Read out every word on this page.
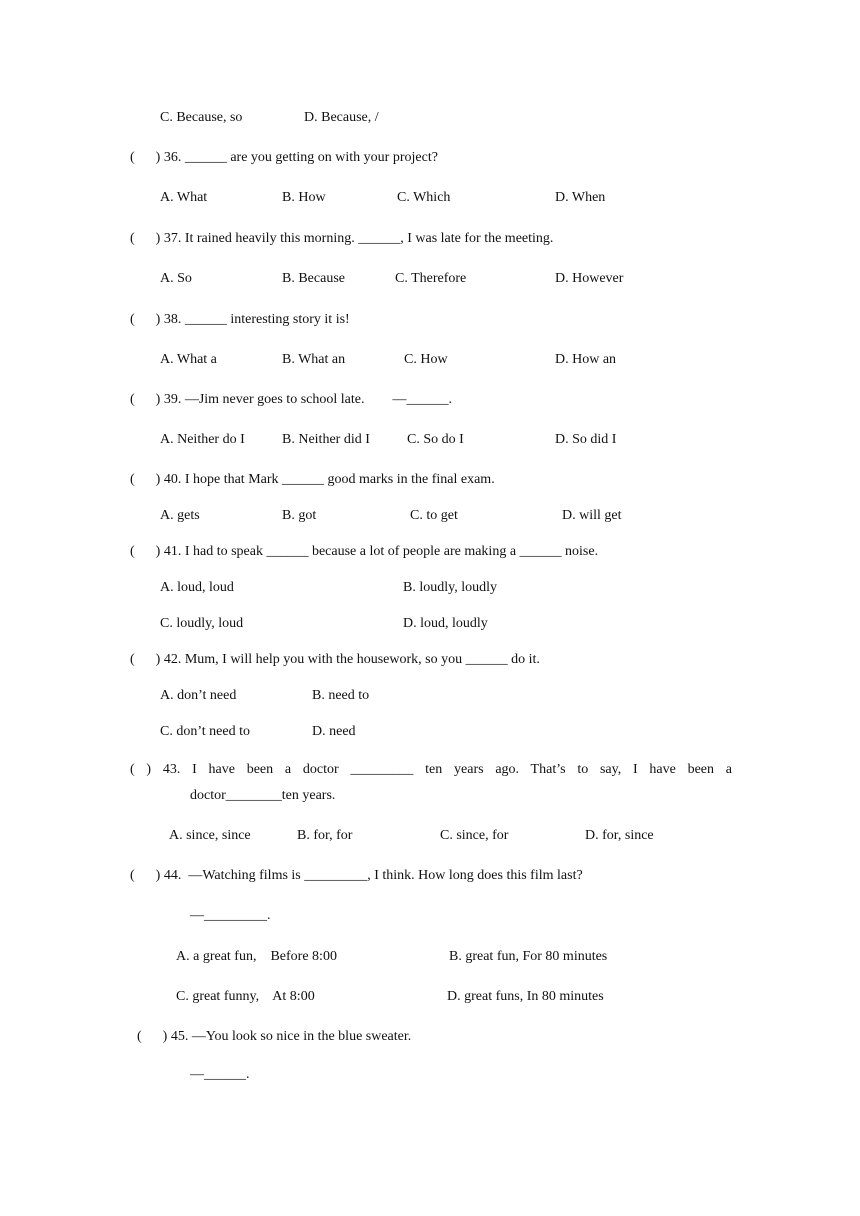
C. Because, so	D. Because, /
(      ) 36. ______ are you getting on with your project?
A. What	B. How	C. Which	D. When
(      ) 37. It rained heavily this morning. ______, I was late for the meeting.
A. So	B. Because	C. Therefore	D. However
(      ) 38. ______ interesting story it is!
A. What a	B. What an	C. How	D. How an
(      ) 39. —Jim never goes to school late.        —______.
A. Neither do I	B. Neither did I	C. So do I	D. So did I
(      ) 40. I hope that Mark ______ good marks in the final exam.
A. gets	B. got	C. to get	D. will get
(      ) 41. I had to speak ______ because a lot of people are making a ______ noise.
A. loud, loud	B. loudly, loudly
C. loudly, loud	D. loud, loudly
(      ) 42. Mum, I will help you with the housework, so you ______ do it.
A. don’t need	B. need to
C. don’t need to	D. need
( ) 43. I have been a doctor _________ ten years ago. That’s to say, I have been a
doctor________ten years.
A. since, since	B. for, for	C. since, for	D. for, since
(      ) 44.  —Watching films is _________, I think. How long does this film last?
—_________.
A. a great fun,    Before 8:00	B. great fun, For 80 minutes
C. great funny,    At 8:00	D. great funs, In 80 minutes
(      ) 45. —You look so nice in the blue sweater.
—______.
